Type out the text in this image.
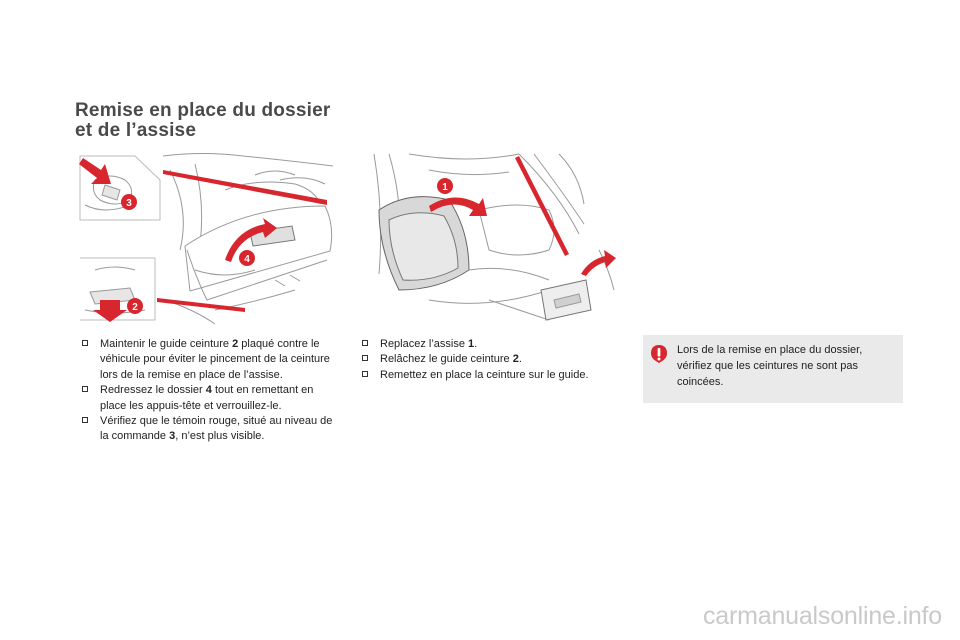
Remise en place du dossier
et de l’assise
3
4
2
1
Maintenir le guide ceinture 2 plaqué contre le véhicule pour éviter le pincement de la ceinture lors de la remise en place de l’assise.
Redressez le dossier 4 tout en remettant en place les appuis-tête et verrouillez-le.
Vérifiez que le témoin rouge, situé au niveau de la commande 3, n’est plus visible.
Replacez l’assise 1.
Relâchez le guide ceinture 2.
Remettez en place la ceinture sur le guide.
Lors de la remise en place du dossier, vérifiez que les ceintures ne sont pas coincées.
carmanualsonline.info
